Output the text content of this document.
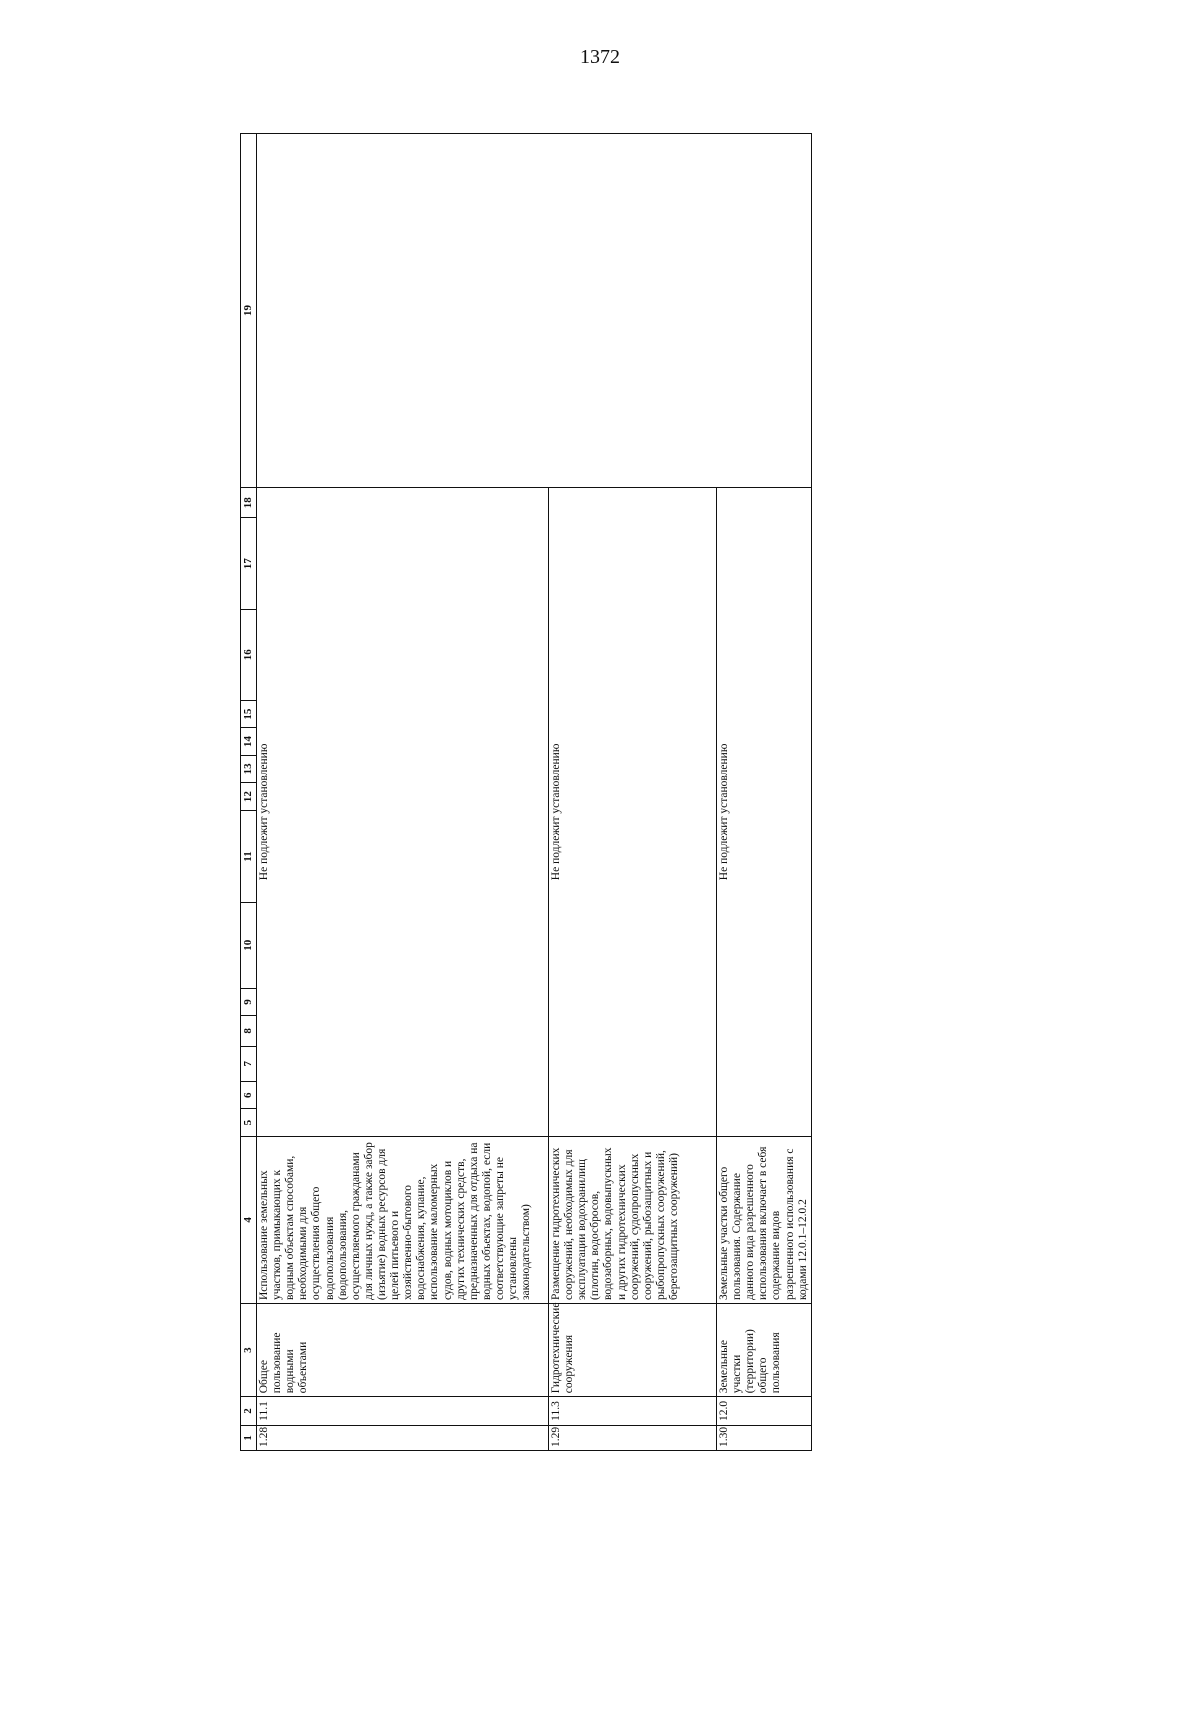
1372
1	2	3	4	5	6	7	8	9	10	11	12	13	14	15	16	17	18	19
1.28	11.1	Общее пользование водными объектами	Использование земельных участков, примыкающих к водным объектам способами, необходимыми для осуществления общего водопользования (водопользования, осуществляемого гражданами для личных нужд, а также забор (изъятие) водных ресурсов для целей питьевого и хозяйственно-бытового водоснабжения, купание, использование маломерных судов, водных мотоциклов и других технических средств, предназначенных для отдыха на водных объектах, водопой, если соответствующие запреты не установлены законодательством)	Не подлежит установлению														
1.29	11.3	Гидротехнические сооружения	Размещение гидротехнических сооружений, необходимых для эксплуатации водохранилищ (плотин, водосбросов, водозаборных, водовыпускных и других гидротехнических сооружений, судопропускных сооружений, рыбозащитных и рыбопропускных сооружений, берегозащитных сооружений)	Не подлежит установлению														
1.30	12.0	Земельные участки (территории) общего пользования	Земельные участки общего пользования. Содержание данного вида разрешенного использования включает в себя содержание видов разрешенного использования с кодами 12.0.1–12.0.2	Не подлежит установлению														
